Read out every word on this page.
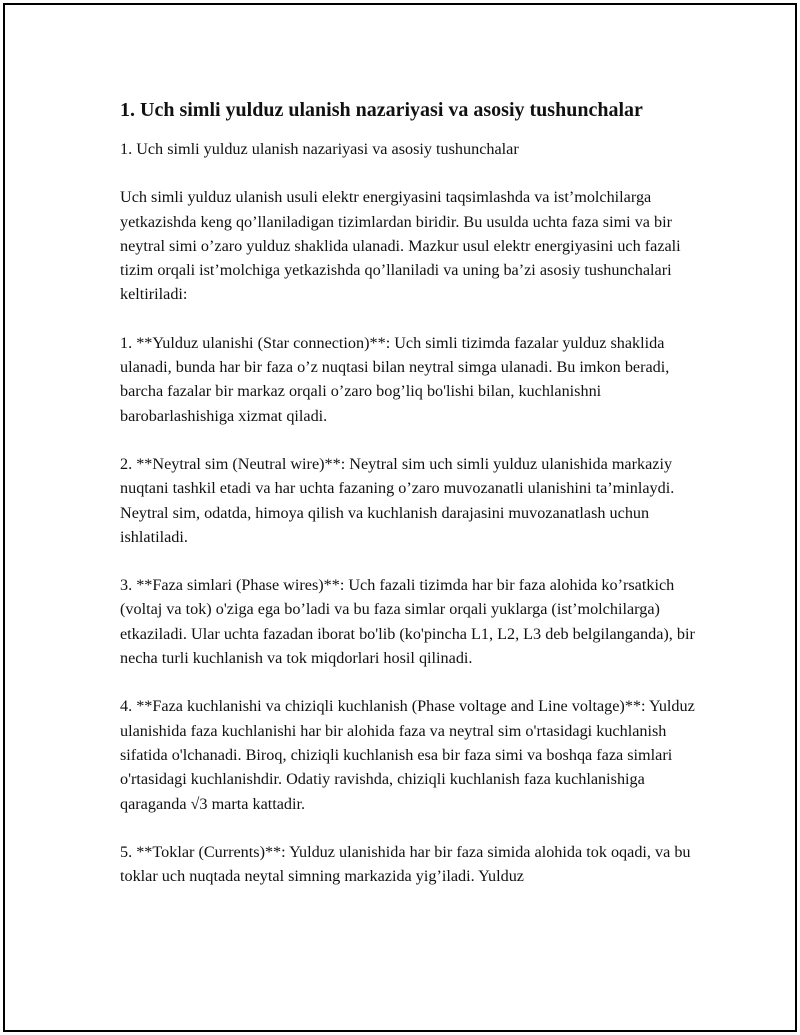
1. Uch simli yulduz ulanish nazariyasi va asosiy tushunchalar

1. Uch simli yulduz ulanish nazariyasi va asosiy tushunchalar

Uch simli yulduz ulanish usuli elektr energiyasini taqsimlashda va ist’molchilarga yetkazishda keng qo’llaniladigan tizimlardan biridir. Bu usulda uchta faza simi va bir neytral simi o’zaro yulduz shaklida ulanadi. Mazkur usul elektr energiyasini uch fazali tizim orqali ist’molchiga yetkazishda qo’llaniladi va uning ba’zi asosiy tushunchalari keltiriladi:

1. **Yulduz ulanishi (Star connection)**: Uch simli tizimda fazalar yulduz shaklida ulanadi, bunda har bir faza o’z nuqtasi bilan neytral simga ulanadi. Bu imkon beradi, barcha fazalar bir markaz orqali o’zaro bog’liq bo'lishi bilan, kuchlanishni barobarlashishiga xizmat qiladi.

2. **Neytral sim (Neutral wire)**: Neytral sim uch simli yulduz ulanishida markaziy nuqtani tashkil etadi va har uchta fazaning o’zaro muvozanatli ulanishini ta’minlaydi. Neytral sim, odatda, himoya qilish va kuchlanish darajasini muvozanatlash uchun ishlatiladi.

3. **Faza simlari (Phase wires)**: Uch fazali tizimda har bir faza alohida ko’rsatkich (voltaj va tok) o'ziga ega bo’ladi va bu faza simlar orqali yuklarga (ist’molchilarga) etkaziladi. Ular uchta fazadan iborat bo'lib (ko'pincha L1, L2, L3 deb belgilanganda), bir necha turli kuchlanish va tok miqdorlari hosil qilinadi.

4. **Faza kuchlanishi va chiziqli kuchlanish (Phase voltage and Line voltage)**: Yulduz ulanishida faza kuchlanishi har bir alohida faza va neytral sim o'rtasidagi kuchlanish sifatida o'lchanadi. Biroq, chiziqli kuchlanish esa bir faza simi va boshqa faza simlari o'rtasidagi kuchlanishdir. Odatiy ravishda, chiziqli kuchlanish faza kuchlanishiga qaraganda √3 marta kattadir.

5. **Toklar (Currents)**: Yulduz ulanishida har bir faza simida alohida tok oqadi, va bu toklar uch nuqtada neytal simning markazida yig’iladi. Yulduz
